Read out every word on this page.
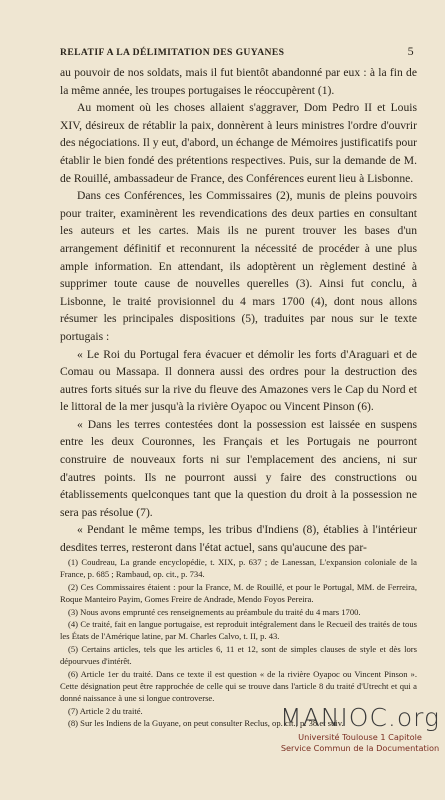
RELATIF A LA DÉLIMITATION DES GUYANES	5

au pouvoir de nos soldats, mais il fut bientôt abandonné par eux : à la fin de la même année, les troupes portugaises le réoccupèrent (1).

Au moment où les choses allaient s'aggraver, Dom Pedro II et Louis XIV, désireux de rétablir la paix, donnèrent à leurs ministres l'ordre d'ouvrir des négociations. Il y eut, d'abord, un échange de Mémoires justificatifs pour établir le bien fondé des prétentions respectives. Puis, sur la demande de M. de Rouillé, ambassadeur de France, des Conférences eurent lieu à Lisbonne.

Dans ces Conférences, les Commissaires (2), munis de pleins pouvoirs pour traiter, examinèrent les revendications des deux parties en consultant les auteurs et les cartes. Mais ils ne purent trouver les bases d'un arrangement définitif et reconnurent la nécessité de procéder à une plus ample information. En attendant, ils adoptèrent un règlement destiné à supprimer toute cause de nouvelles querelles (3). Ainsi fut conclu, à Lisbonne, le traité provisionnel du 4 mars 1700 (4), dont nous allons résumer les principales dispositions (5), traduites par nous sur le texte portugais :

« Le Roi du Portugal fera évacuer et démolir les forts d'Araguari et de Comau ou Massapa. Il donnera aussi des ordres pour la destruction des autres forts situés sur la rive du fleuve des Amazones vers le Cap du Nord et le littoral de la mer jusqu'à la rivière Oyapoc ou Vincent Pinson (6).

« Dans les terres contestées dont la possession est laissée en suspens entre les deux Couronnes, les Français et les Portugais ne pourront construire de nouveaux forts ni sur l'emplacement des anciens, ni sur d'autres points. Ils ne pourront aussi y faire des constructions ou établissements quelconques tant que la question du droit à la possession ne sera pas résolue (7).

« Pendant le même temps, les tribus d'Indiens (8), établies à l'intérieur desdites terres, resteront dans l'état actuel, sans qu'aucune des par-

(1) Coudreau, La grande encyclopédie, t. XIX, p. 637 ; de Lanessan, L'expansion coloniale de la France, p. 685 ; Rambaud, op. cit., p. 734.

(2) Ces Commissaires étaient : pour la France, M. de Rouillé, et pour le Portugal, MM. de Ferreira, Roque Manteiro Payim, Gomes Freire de Andrade, Mendo Foyos Pereira.

(3) Nous avons emprunté ces renseignements au préambule du traité du 4 mars 1700.

(4) Ce traité, fait en langue portugaise, est reproduit intégralement dans le Recueil des traités de tous les États de l'Amérique latine, par M. Charles Calvo, t. II, p. 43.

(5) Certains articles, tels que les articles 6, 11 et 12, sont de simples clauses de style et dès lors dépourvues d'intérêt.

(6) Article 1er du traité. Dans ce texte il est question « de la rivière Oyapoc ou Vincent Pinson ». Cette désignation peut être rapprochée de celle qui se trouve dans l'article 8 du traité d'Utrecht et qui a donné naissance à une si longue controverse.

(7) Article 2 du traité.

(8) Sur les Indiens de la Guyane, on peut consulter Reclus, op. cit., p. 38 et suiv.

MANIOC.org
Université Toulouse 1 Capitole
Service Commun de la Documentation
